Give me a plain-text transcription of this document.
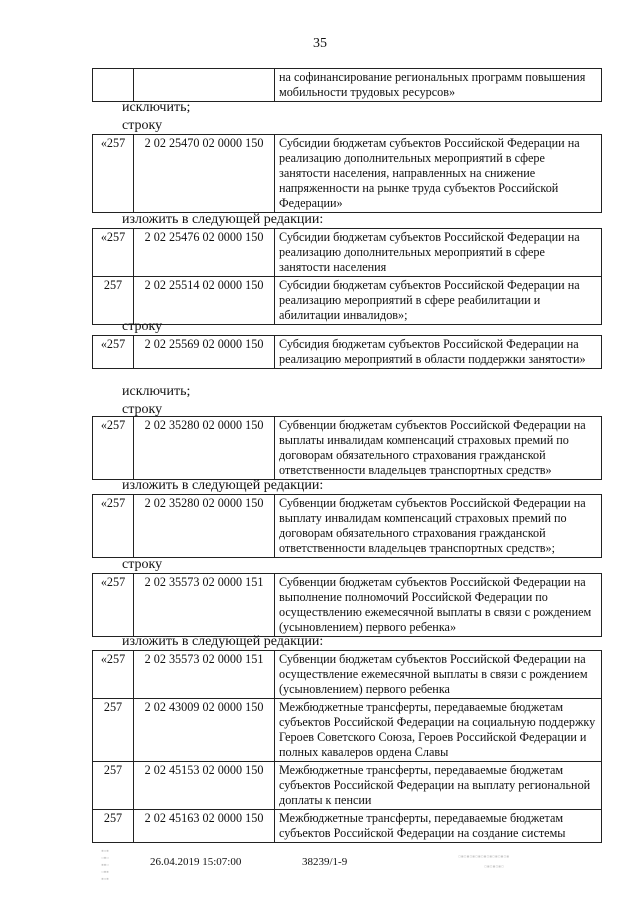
35
		на софинансирование региональных программ повышения мобильности трудовых ресурсов»
исключить;
строку
«257	2 02 25470 02 0000 150	Субсидии бюджетам субъектов Российской Федерации на реализацию дополнительных мероприятий в сфере занятости населения, направленных на снижение напряженности на рынке труда субъектов Российской Федерации»
изложить в следующей редакции:
«257	2 02 25476 02 0000 150	Субсидии бюджетам субъектов Российской Федерации на реализацию дополнительных мероприятий в сфере занятости населения
257	2 02 25514 02 0000 150	Субсидии бюджетам субъектов Российской Федерации на реализацию мероприятий в сфере реабилитации и абилитации инвалидов»;
строку
«257	2 02 25569 02 0000 150	Субсидия бюджетам субъектов Российской Федерации на реализацию мероприятий в области поддержки занятости»
исключить;
строку
«257	2 02 35280 02 0000 150	Субвенции бюджетам субъектов Российской Федерации на выплаты инвалидам компенсаций страховых премий по договорам обязательного страхования гражданской ответственности владельцев транспортных средств»
изложить в следующей редакции:
«257	2 02 35280 02 0000 150	Субвенции бюджетам субъектов Российской Федерации на выплату инвалидам компенсаций страховых премий по договорам обязательного страхования гражданской ответственности владельцев транспортных средств»;
строку
«257	2 02 35573 02 0000 151	Субвенции бюджетам субъектов Российской Федерации на выполнение полномочий Российской Федерации по осуществлению ежемесячной выплаты в связи с рождением (усыновлением) первого ребенка»
изложить в следующей редакции:
«257	2 02 35573 02 0000 151	Субвенции бюджетам субъектов Российской Федерации на осуществление ежемесячной выплаты в связи с рождением (усыновлением) первого ребенка
257	2 02 43009 02 0000 150	Межбюджетные трансферты, передаваемые бюджетам субъектов Российской Федерации на социальную поддержку Героев Советского Союза, Героев Российской Федерации и полных кавалеров ордена Славы
257	2 02 45153 02 0000 150	Межбюджетные трансферты, передаваемые бюджетам субъектов Российской Федерации на выплату региональной доплаты к пенсии
257	2 02 45163 02 0000 150	Межбюджетные трансферты, передаваемые бюджетам субъектов Российской Федерации на создание системы
▪▫▪
▫▪▫
▪▪▫
▫▪▪
▪▫▪
26.04.2019 15:07:00	38239/1-9	▫▪▫▪▫▪▫▪▫▪▫▪▫▪▫▪▫▪
▫▪▫▪▫▪▫
